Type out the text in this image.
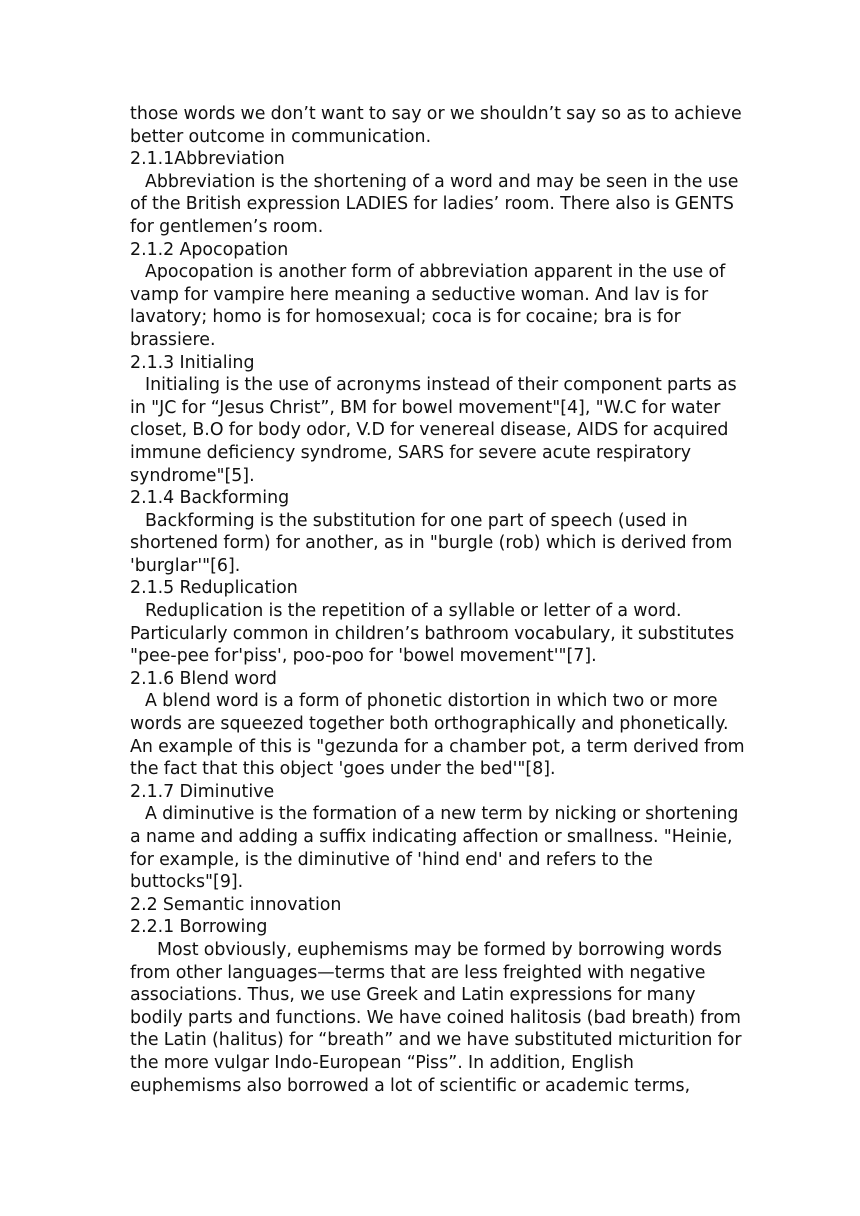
those words we don’t want to say or we shouldn’t say so as to achieve
better outcome in communication.
2.1.1Abbreviation
Abbreviation is the shortening of a word and may be seen in the use
of the British expression LADIES for ladies’ room. There also is GENTS
for gentlemen’s room.
2.1.2 Apocopation
Apocopation is another form of abbreviation apparent in the use of
vamp for vampire here meaning a seductive woman. And lav is for
lavatory; homo is for homosexual; coca is for cocaine; bra is for
brassiere.
2.1.3 Initialing
Initialing is the use of acronyms instead of their component parts as
in "JC for “Jesus Christ”, BM for bowel movement"[4], "W.C for water
closet, B.O for body odor, V.D for venereal disease, AIDS for acquired
immune deficiency syndrome, SARS for severe acute respiratory
syndrome"[5].
2.1.4 Backforming
Backforming is the substitution for one part of speech (used in
shortened form) for another, as in "burgle (rob) which is derived from
'burglar'"[6].
2.1.5 Reduplication
Reduplication is the repetition of a syllable or letter of a word.
Particularly common in children’s bathroom vocabulary, it substitutes
"pee-pee for'piss', poo-poo for 'bowel movement'"[7].
2.1.6 Blend word
A blend word is a form of phonetic distortion in which two or more
words are squeezed together both orthographically and phonetically.
An example of this is "gezunda for a chamber pot, a term derived from
the fact that this object 'goes under the bed'"[8].
2.1.7 Diminutive
A diminutive is the formation of a new term by nicking or shortening
a name and adding a suffix indicating affection or smallness. "Heinie,
for example, is the diminutive of 'hind end' and refers to the
buttocks"[9].
2.2 Semantic innovation
2.2.1 Borrowing
Most obviously, euphemisms may be formed by borrowing words
from other languages—terms that are less freighted with negative
associations. Thus, we use Greek and Latin expressions for many
bodily parts and functions. We have coined halitosis (bad breath) from
the Latin (halitus) for “breath” and we have substituted micturition for
the more vulgar Indo-European “Piss”. In addition, English
euphemisms also borrowed a lot of scientific or academic terms,
